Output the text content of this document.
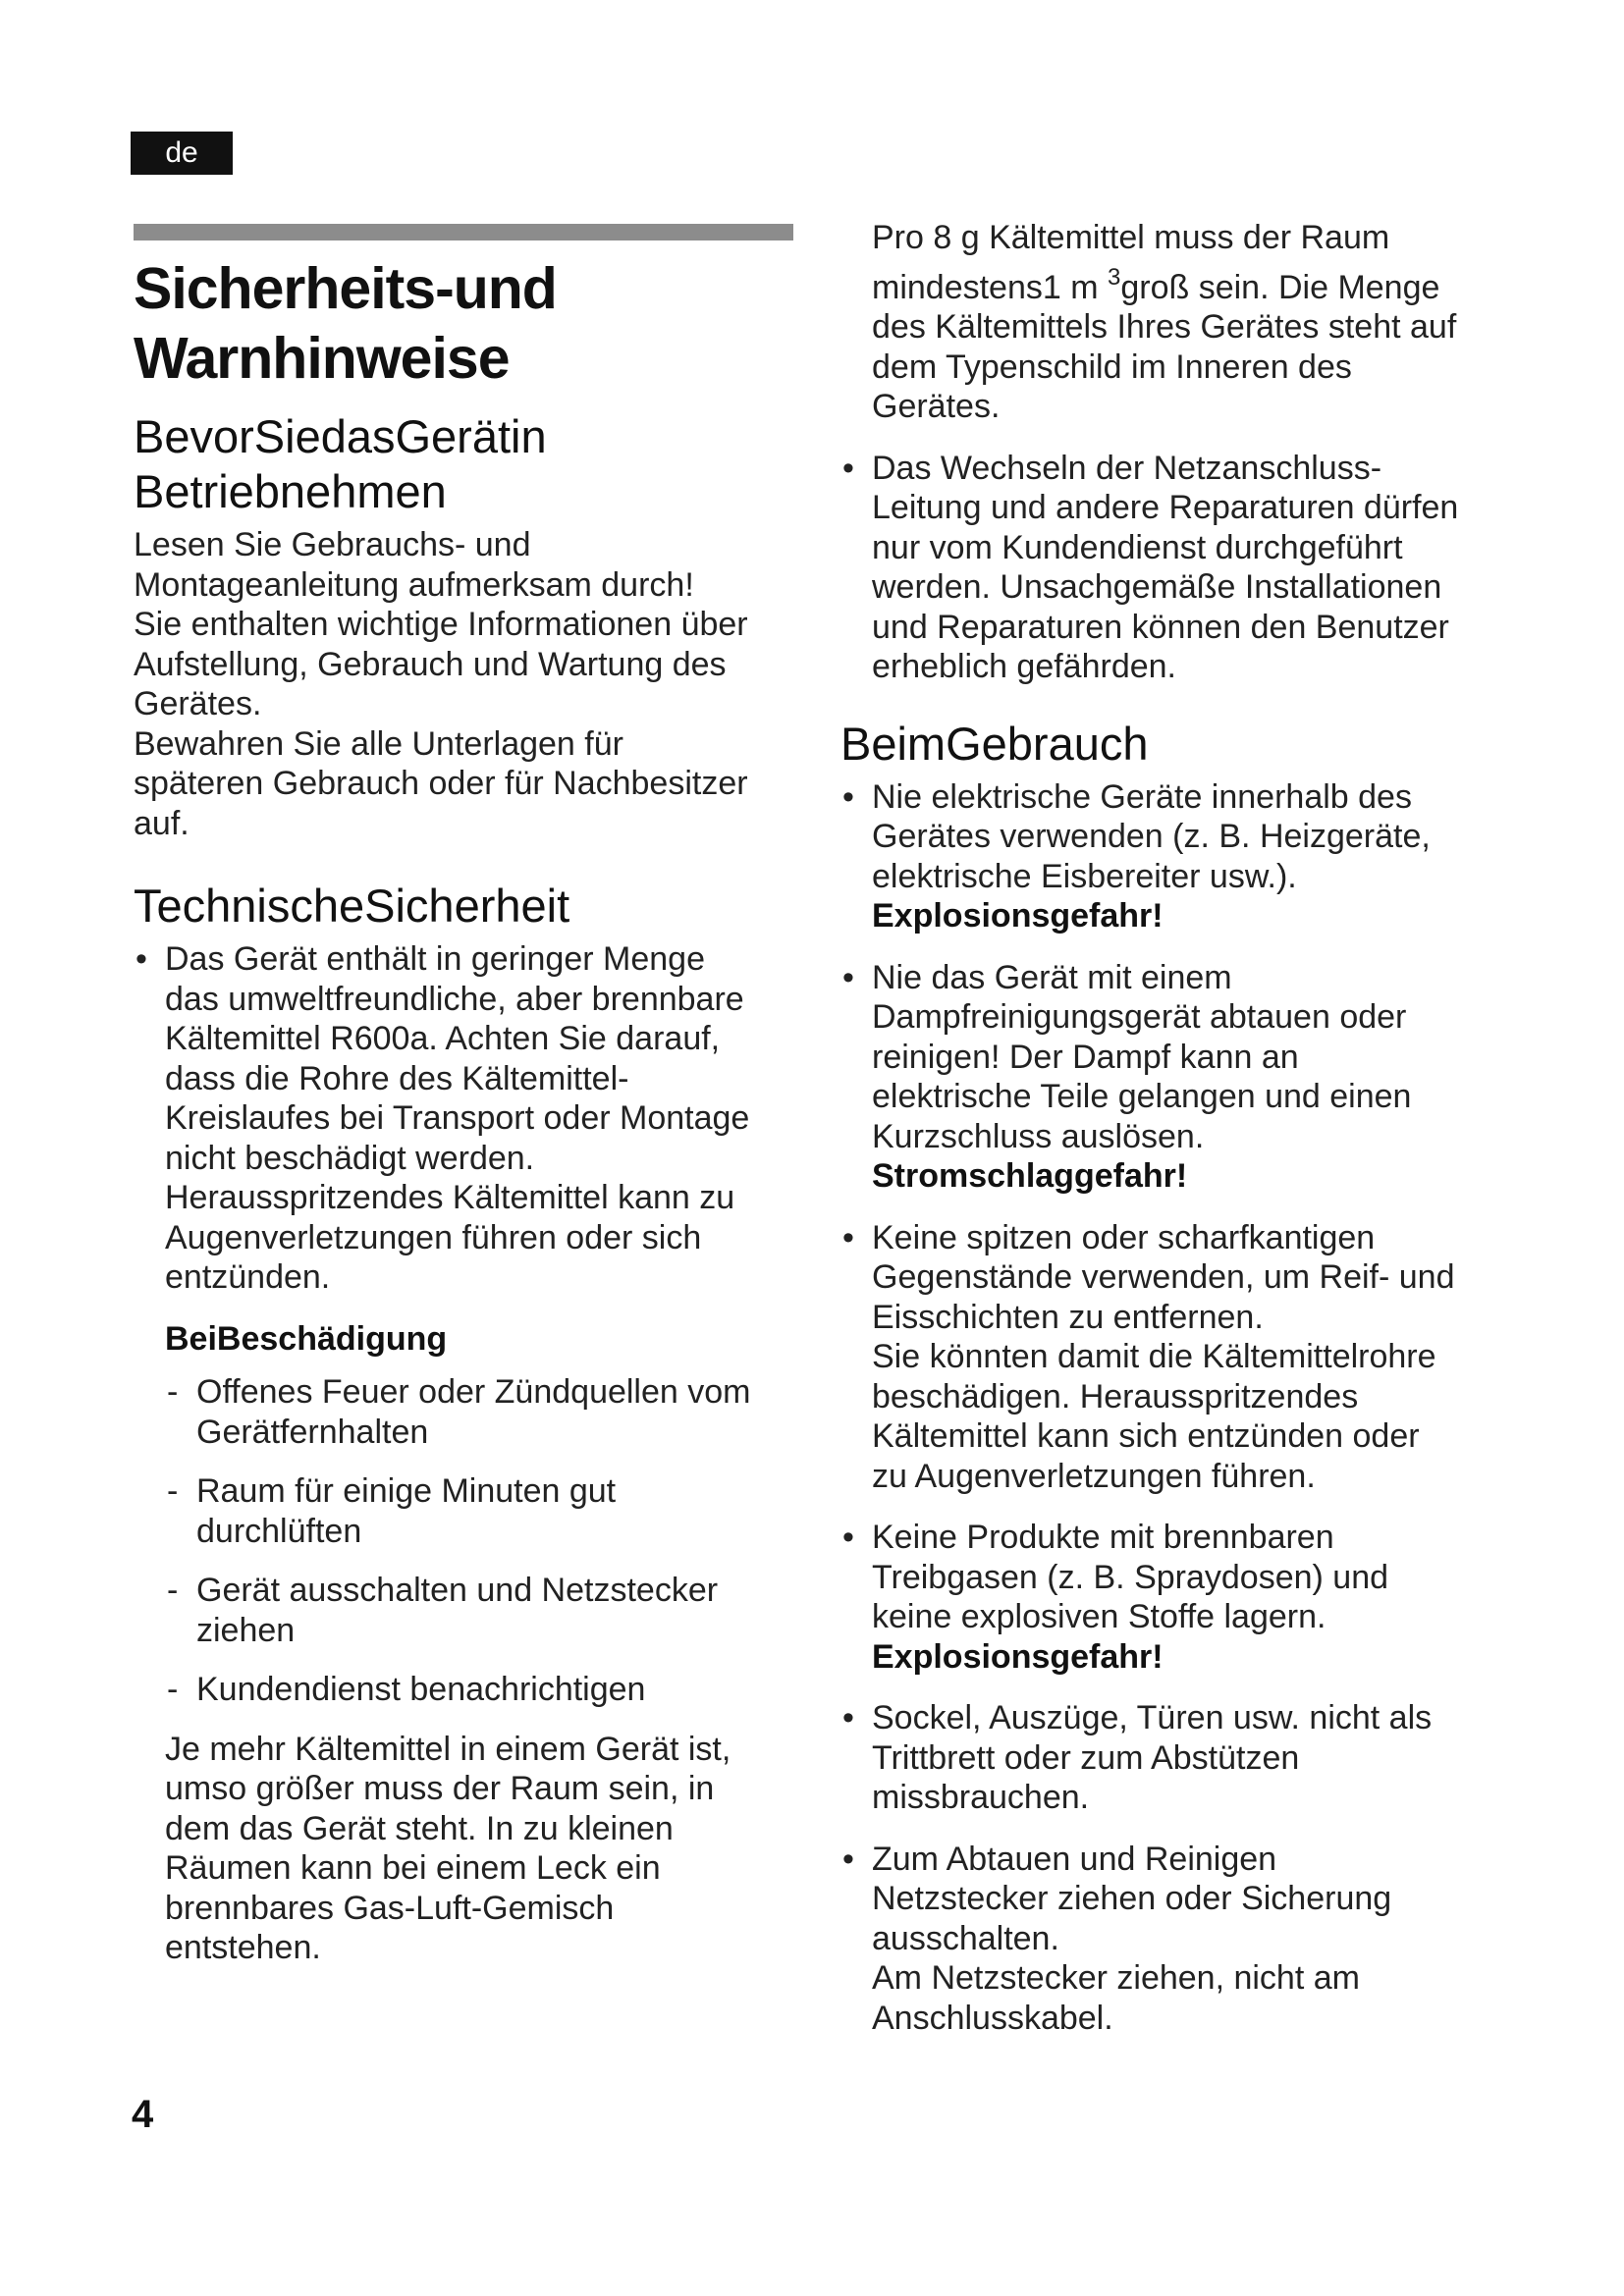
de
Sicherheits-und
Warnhinweise
BevorSiedasGerätin
Betriebnehmen
Lesen Sie Gebrauchs- und
Montageanleitung aufmerksam durch!
Sie enthalten wichtige Informationen über
Aufstellung, Gebrauch und Wartung des
Gerätes.
Bewahren Sie alle Unterlagen für
späteren Gebrauch oder für Nachbesitzer
auf.
TechnischeSicherheit
• Das Gerät enthält in geringer Menge
das umweltfreundliche, aber brennbare
Kältemittel R600a. Achten Sie darauf,
dass die Rohre des Kältemittel-
Kreislaufes bei Transport oder Montage
nicht beschädigt werden.
Herausspritzendes Kältemittel kann zu
Augenverletzungen führen oder sich
entzünden.
BeiBeschädigung
- Offenes Feuer oder Zündquellen vom
Gerätfernhalten
- Raum für einige Minuten gut
durchlüften
- Gerät ausschalten und Netzstecker
ziehen
- Kundendienst benachrichtigen
Je mehr Kältemittel in einem Gerät ist,
umso größer muss der Raum sein, in
dem das Gerät steht. In zu kleinen
Räumen kann bei einem Leck ein
brennbares Gas-Luft-Gemisch
entstehen.
Pro 8 g Kältemittel muss der Raum
mindestens1 m $^3$groß sein. Die Menge
des Kältemittels Ihres Gerätes steht auf
dem Typenschild im Inneren des
Gerätes.
• Das Wechseln der Netzanschluss-
Leitung und andere Reparaturen dürfen
nur vom Kundendienst durchgeführt
werden. Unsachgemäße Installationen
und Reparaturen können den Benutzer
erheblich gefährden.
BeimGebrauch
• Nie elektrische Geräte innerhalb des
Gerätes verwenden (z. B. Heizgeräte,
elektrische Eisbereiter usw.).
Explosionsgefahr!
• Nie das Gerät mit einem
Dampfreinigungsgerät abtauen oder
reinigen! Der Dampf kann an
elektrische Teile gelangen und einen
Kurzschluss auslösen.
Stromschlaggefahr!
• Keine spitzen oder scharfkantigen
Gegenstände verwenden, um Reif- und
Eisschichten zu entfernen.
Sie könnten damit die Kältemittelrohre
beschädigen. Herausspritzendes
Kältemittel kann sich entzünden oder
zu Augenverletzungen führen.
• Keine Produkte mit brennbaren
Treibgasen (z. B. Spraydosen) und
keine explosiven Stoffe lagern.
Explosionsgefahr!
• Sockel, Auszüge, Türen usw. nicht als
Trittbrett oder zum Abstützen
missbrauchen.
• Zum Abtauen und Reinigen
Netzstecker ziehen oder Sicherung
ausschalten.
Am Netzstecker ziehen, nicht am
Anschlusskabel.
4
